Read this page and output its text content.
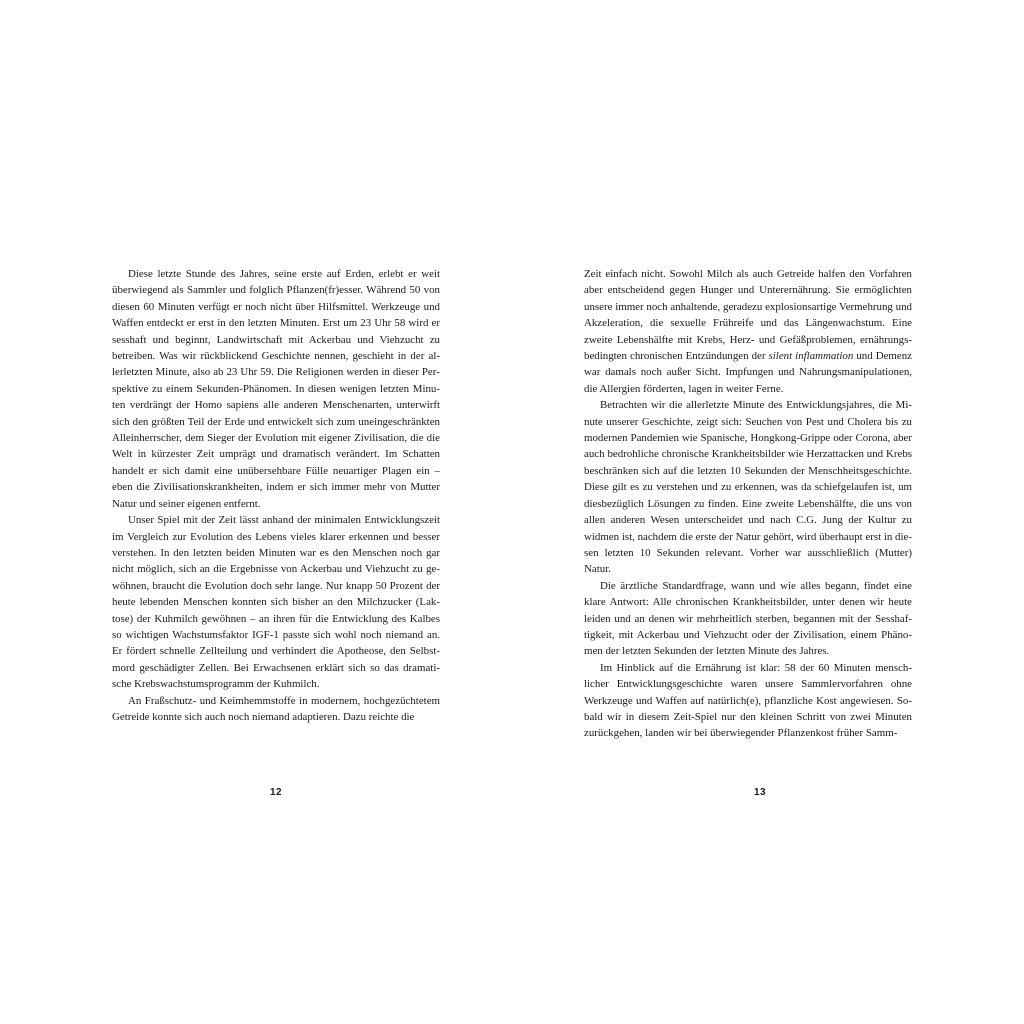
Diese letzte Stunde des Jahres, seine erste auf Erden, erlebt er weit überwiegend als Sammler und folglich Pflanzen(fr)esser. Während 50 von diesen 60 Minuten verfügt er noch nicht über Hilfsmittel. Werkzeuge und Waffen entdeckt er erst in den letzten Minuten. Erst um 23 Uhr 58 wird er sesshaft und beginnt, Landwirtschaft mit Ackerbau und Viehzucht zu betreiben. Was wir rückblickend Geschichte nennen, geschieht in der allerletzten Minute, also ab 23 Uhr 59. Die Religionen werden in dieser Perspektive zu einem Sekunden-Phänomen. In diesen wenigen letzten Minuten verdrängt der Homo sapiens alle anderen Menschenarten, unterwirft sich den größten Teil der Erde und entwickelt sich zum uneingeschränkten Alleinherrscher, dem Sieger der Evolution mit eigener Zivilisation, die die Welt in kürzester Zeit umprägt und dramatisch verändert. Im Schatten handelt er sich damit eine unübersehbare Fülle neuartiger Plagen ein – eben die Zivilisationskrankheiten, indem er sich immer mehr von Mutter Natur und seiner eigenen entfernt.

Unser Spiel mit der Zeit lässt anhand der minimalen Entwicklungszeit im Vergleich zur Evolution des Lebens vieles klarer erkennen und besser verstehen. In den letzten beiden Minuten war es den Menschen noch gar nicht möglich, sich an die Ergebnisse von Ackerbau und Viehzucht zu gewöhnen, braucht die Evolution doch sehr lange. Nur knapp 50 Prozent der heute lebenden Menschen konnten sich bisher an den Milchzucker (Laktose) der Kuhmilch gewöhnen – an ihren für die Entwicklung des Kalbes so wichtigen Wachstumsfaktor IGF-1 passte sich wohl noch niemand an. Er fördert schnelle Zellteilung und verhindert die Apotheose, den Selbstmord geschädigter Zellen. Bei Erwachsenen erklärt sich so das dramatische Krebswachstumsprogramm der Kuhmilch.

An Fraßschutz- und Keimhemmstoffe in modernem, hochgezüchtetem Getreide konnte sich auch noch niemand adaptieren. Dazu reichte die

12

Zeit einfach nicht. Sowohl Milch als auch Getreide halfen den Vorfahren aber entscheidend gegen Hunger und Unterernährung. Sie ermöglichten unsere immer noch anhaltende, geradezu explosionsartige Vermehrung und Akzeleration, die sexuelle Frühreife und das Längenwachstum. Eine zweite Lebenshälfte mit Krebs, Herz- und Gefäßproblemen, ernährungsbedingten chronischen Entzündungen der silent inflammation und Demenz war damals noch außer Sicht. Impfungen und Nahrungsmanipulationen, die Allergien förderten, lagen in weiter Ferne.

Betrachten wir die allerletzte Minute des Entwicklungsjahres, die Minute unserer Geschichte, zeigt sich: Seuchen von Pest und Cholera bis zu modernen Pandemien wie Spanische, Hongkong-Grippe oder Corona, aber auch bedrohliche chronische Krankheitsbilder wie Herzattacken und Krebs beschränken sich auf die letzten 10 Sekunden der Menschheitsgeschichte. Diese gilt es zu verstehen und zu erkennen, was da schiefgelaufen ist, um diesbezüglich Lösungen zu finden. Eine zweite Lebenshälfte, die uns von allen anderen Wesen unterscheidet und nach C.G. Jung der Kultur zu widmen ist, nachdem die erste der Natur gehört, wird überhaupt erst in diesen letzten 10 Sekunden relevant. Vorher war ausschließlich (Mutter) Natur.

Die ärztliche Standardfrage, wann und wie alles begann, findet eine klare Antwort: Alle chronischen Krankheitsbilder, unter denen wir heute leiden und an denen wir mehrheitlich sterben, begannen mit der Sesshaftigkeit, mit Ackerbau und Viehzucht oder der Zivilisation, einem Phänomen der letzten Sekunden der letzten Minute des Jahres.

Im Hinblick auf die Ernährung ist klar: 58 der 60 Minuten menschlicher Entwicklungsgeschichte waren unsere Sammlervorfahren ohne Werkzeuge und Waffen auf natürlich(e), pflanzliche Kost angewiesen. Sobald wir in diesem Zeit-Spiel nur den kleinen Schritt von zwei Minuten zurückgehen, landen wir bei überwiegender Pflanzenkost früher Samm-

13
